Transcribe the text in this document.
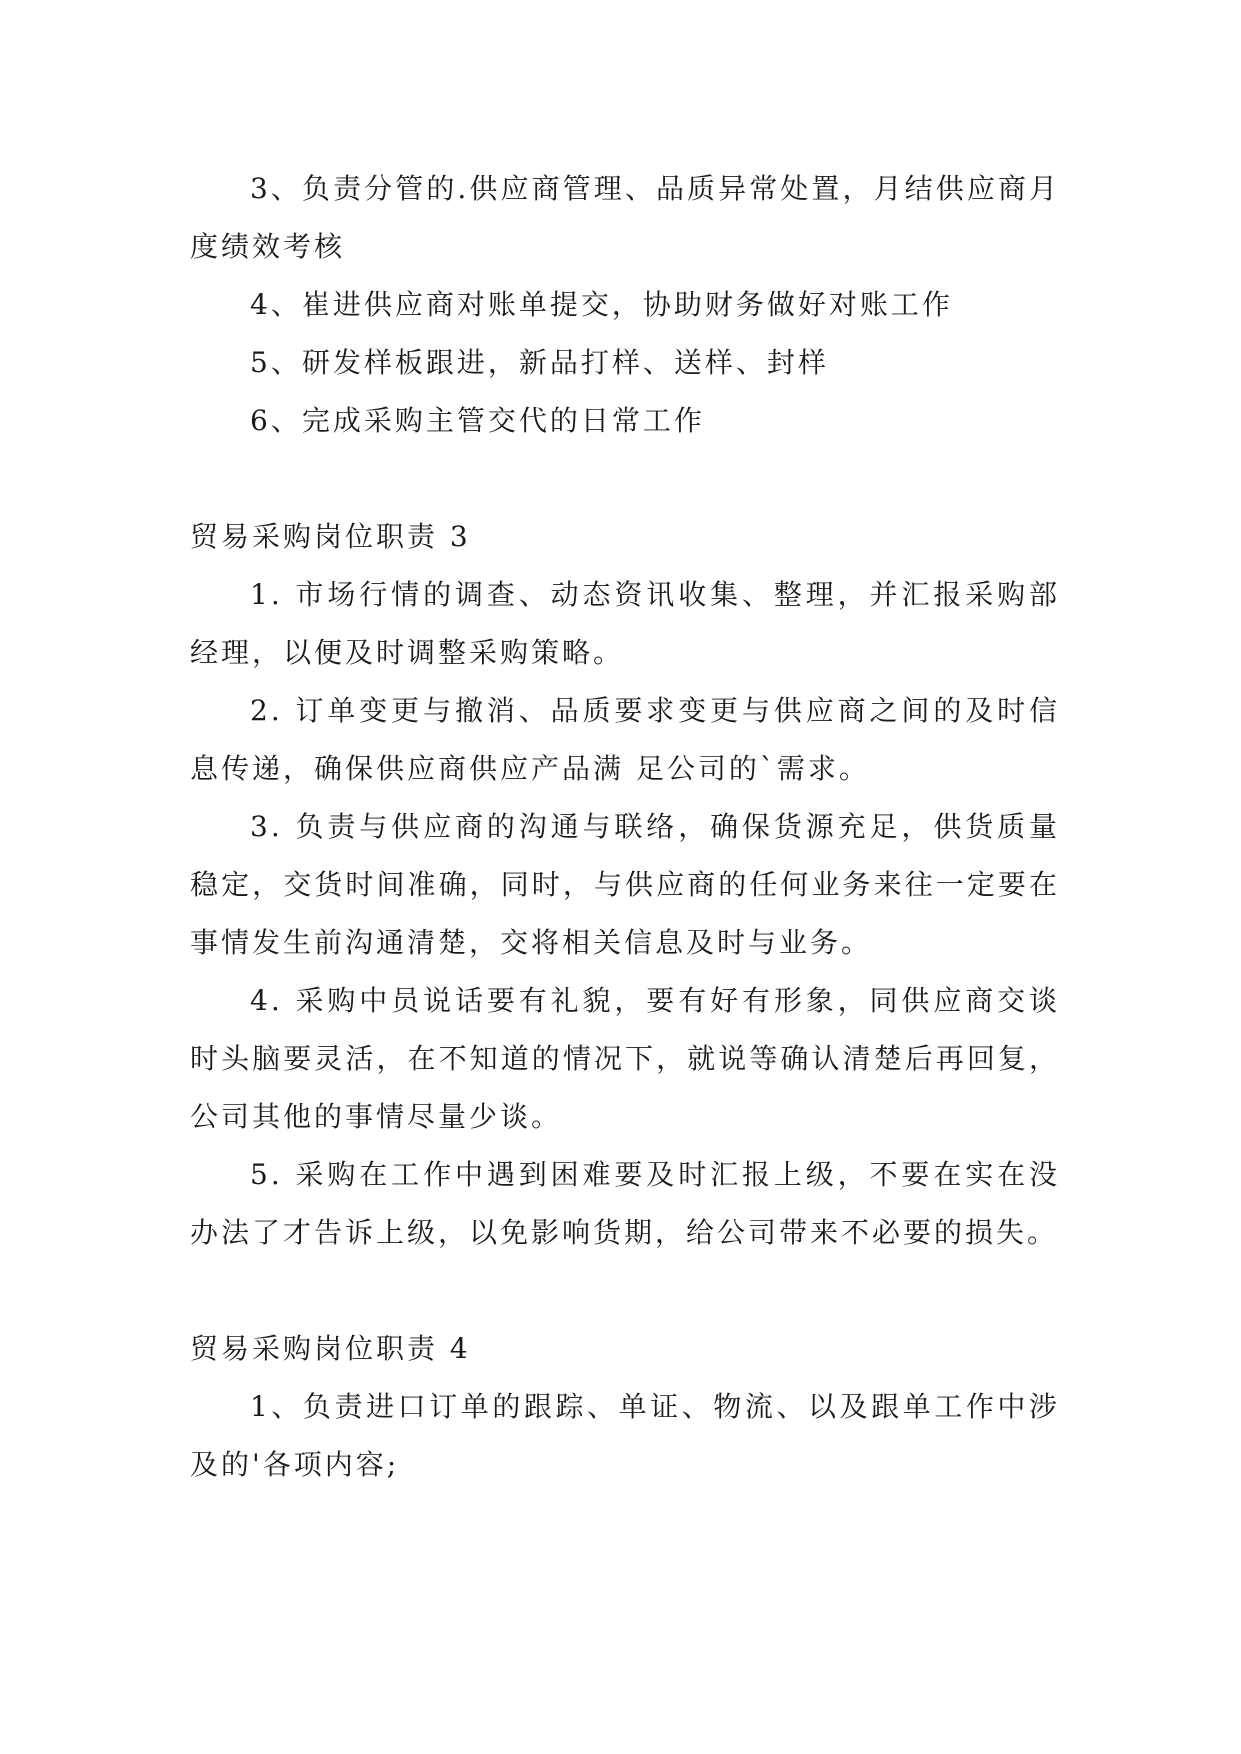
3、负责分管的.供应商管理、品质异常处置，月结供应商月度绩效考核

4、崔进供应商对账单提交，协助财务做好对账工作

5、研发样板跟进，新品打样、送样、封样

6、完成采购主管交代的日常工作

贸易采购岗位职责 3

1. 市场行情的调查、动态资讯收集、整理，并汇报采购部经理，以便及时调整采购策略。

2. 订单变更与撤消、品质要求变更与供应商之间的及时信息传递，确保供应商供应产品满 足公司的`需求。

3. 负责与供应商的沟通与联络，确保货源充足，供货质量稳定，交货时间准确，同时，与供应商的任何业务来往一定要在事情发生前沟通清楚，交将相关信息及时与业务。

4. 采购中员说话要有礼貌，要有好有形象，同供应商交谈时头脑要灵活，在不知道的情况下，就说等确认清楚后再回复，公司其他的事情尽量少谈。

5. 采购在工作中遇到困难要及时汇报上级，不要在实在没办法了才告诉上级，以免影响货期，给公司带来不必要的损失。

贸易采购岗位职责 4

1、负责进口订单的跟踪、单证、物流、以及跟单工作中涉及的'各项内容;
